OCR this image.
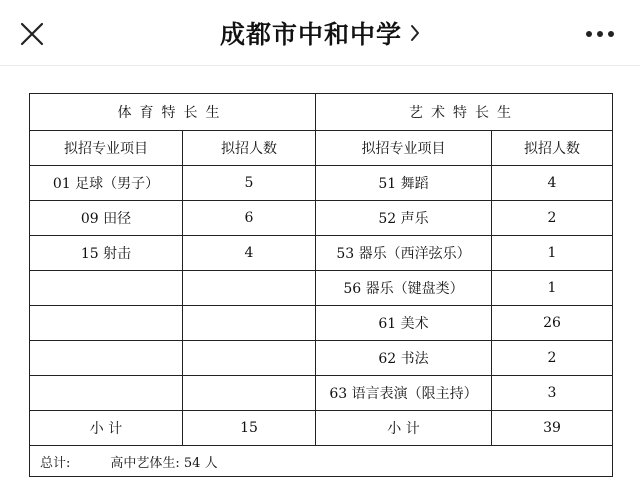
成都市中和中学
体育特长生		艺术特长生	
拟招专业项目	拟招人数	拟招专业项目	拟招人数
01 足球（男子）	5	51 舞蹈	4
09 田径	6	52 声乐	2
15 射击	4	53 器乐（西洋弦乐）	1
		56 器乐（键盘类）	1
		61 美术	26
		62 书法	2
		63 语言表演（限主持）	3
小 计	15	小 计	39
总计: 高中艺体生: 54 人			
